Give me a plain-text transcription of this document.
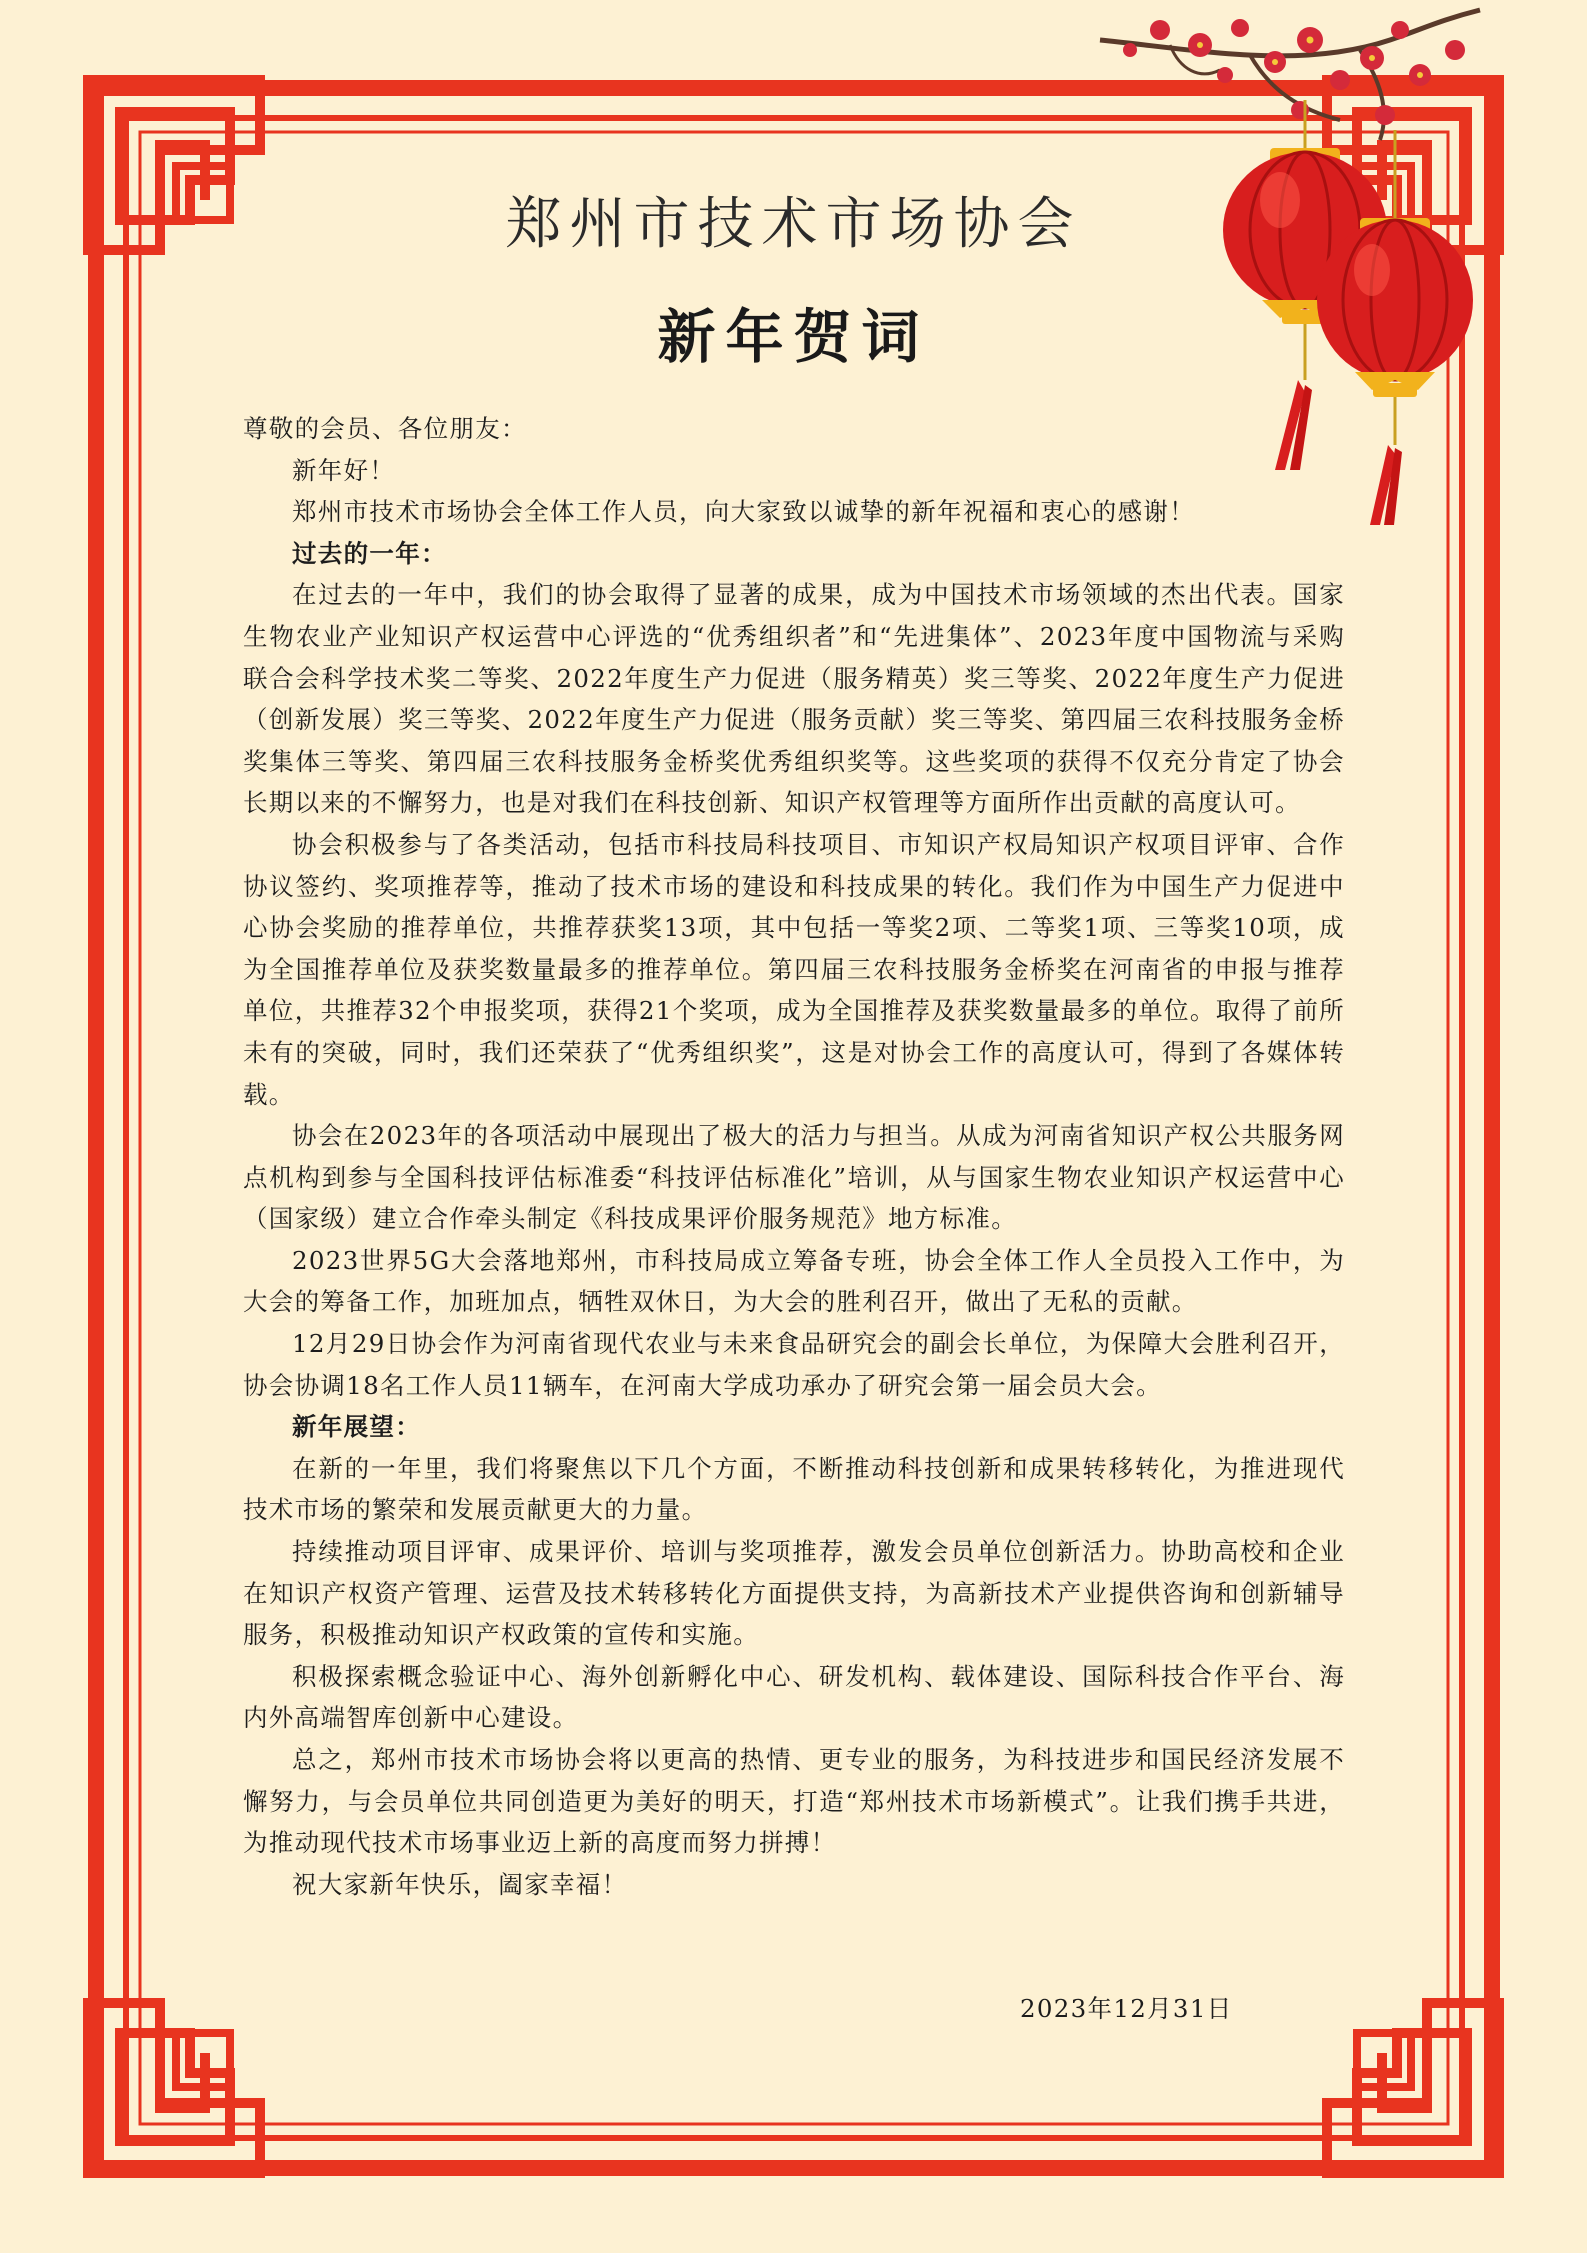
郑州市技术市场协会
新年贺词

尊敬的会员、各位朋友：

新年好！

郑州市技术市场协会全体工作人员，向大家致以诚挚的新年祝福和衷心的感谢！

过去的一年：

在过去的一年中，我们的协会取得了显著的成果，成为中国技术市场领域的杰出代表。国家生物农业产业知识产权运营中心评选的“优秀组织者”和“先进集体”、2023年度中国物流与采购联合会科学技术奖二等奖、2022年度生产力促进（服务精英）奖三等奖、2022年度生产力促进（创新发展）奖三等奖、2022年度生产力促进（服务贡献）奖三等奖、第四届三农科技服务金桥奖集体三等奖、第四届三农科技服务金桥奖优秀组织奖等。这些奖项的获得不仅充分肯定了协会长期以来的不懈努力，也是对我们在科技创新、知识产权管理等方面所作出贡献的高度认可。

协会积极参与了各类活动，包括市科技局科技项目、市知识产权局知识产权项目评审、合作协议签约、奖项推荐等，推动了技术市场的建设和科技成果的转化。我们作为中国生产力促进中心协会奖励的推荐单位，共推荐获奖13项，其中包括一等奖2项、二等奖1项、三等奖10项，成为全国推荐单位及获奖数量最多的推荐单位。第四届三农科技服务金桥奖在河南省的申报与推荐单位，共推荐32个申报奖项，获得21个奖项，成为全国推荐及获奖数量最多的单位。取得了前所未有的突破，同时，我们还荣获了“优秀组织奖”，这是对协会工作的高度认可，得到了各媒体转载。

协会在2023年的各项活动中展现出了极大的活力与担当。从成为河南省知识产权公共服务网点机构到参与全国科技评估标准委“科技评估标准化”培训，从与国家生物农业知识产权运营中心（国家级）建立合作牵头制定《科技成果评价服务规范》地方标准。

2023世界5G大会落地郑州，市科技局成立筹备专班，协会全体工作人全员投入工作中，为大会的筹备工作，加班加点，牺牲双休日，为大会的胜利召开，做出了无私的贡献。

12月29日协会作为河南省现代农业与未来食品研究会的副会长单位，为保障大会胜利召开，协会协调18名工作人员11辆车，在河南大学成功承办了研究会第一届会员大会。

新年展望：

在新的一年里，我们将聚焦以下几个方面，不断推动科技创新和成果转移转化，为推进现代技术市场的繁荣和发展贡献更大的力量。

持续推动项目评审、成果评价、培训与奖项推荐，激发会员单位创新活力。协助高校和企业在知识产权资产管理、运营及技术转移转化方面提供支持，为高新技术产业提供咨询和创新辅导服务，积极推动知识产权政策的宣传和实施。

积极探索概念验证中心、海外创新孵化中心、研发机构、载体建设、国际科技合作平台、海内外高端智库创新中心建设。

总之，郑州市技术市场协会将以更高的热情、更专业的服务，为科技进步和国民经济发展不懈努力，与会员单位共同创造更为美好的明天，打造“郑州技术市场新模式”。让我们携手共进，为推动现代技术市场事业迈上新的高度而努力拼搏！

祝大家新年快乐，阖家幸福！

2023年12月31日
